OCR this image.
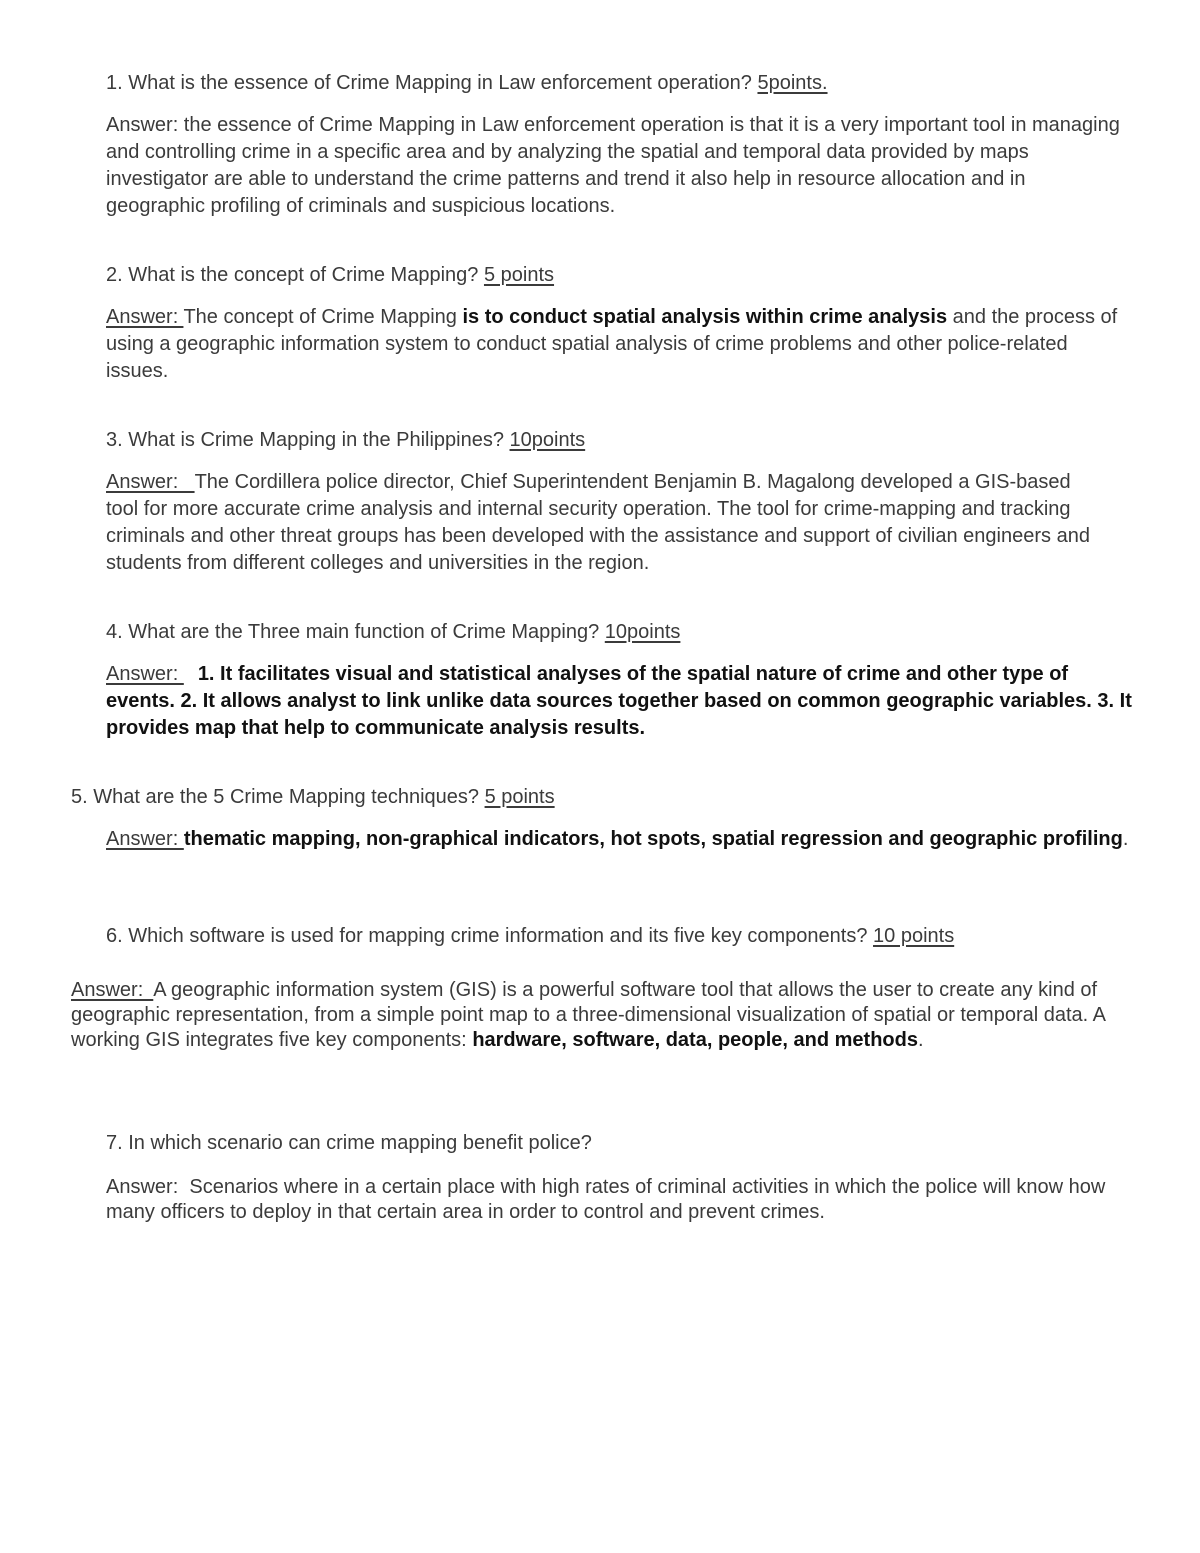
1. What is the essence of Crime Mapping in Law enforcement operation? 5points.
Answer: the essence of Crime Mapping in Law enforcement operation is that it is a very important tool in managing and controlling crime in a specific area and by analyzing the spatial and temporal data provided by maps investigator are able to understand the crime patterns and trend it also help in resource allocation and in geographic profiling of criminals and suspicious locations.
2. What is the concept of Crime Mapping? 5 points
Answer: The concept of Crime Mapping is to conduct spatial analysis within crime analysis and the process of using a geographic information system to conduct spatial analysis of crime problems and other police-related issues.
3. What is Crime Mapping in the Philippines? 10points
Answer:   The Cordillera police director, Chief Superintendent Benjamin B. Magalong developed a GIS-based tool for more accurate crime analysis and internal security operation. The tool for crime-mapping and tracking criminals and other threat groups has been developed with the assistance and support of civilian engineers and students from different colleges and universities in the region.
4. What are the Three main function of Crime Mapping? 10points
Answer: 1. It facilitates visual and statistical analyses of the spatial nature of crime and other type of events. 2. It allows analyst to link unlike data sources together based on common geographic variables. 3. It provides map that help to communicate analysis results.
5. What are the 5 Crime Mapping techniques? 5 points
Answer: thematic mapping, non-graphical indicators, hot spots, spatial regression and geographic profiling.
6. Which software is used for mapping crime information and its five key components? 10 points
Answer:  A geographic information system (GIS) is a powerful software tool that allows the user to create any kind of geographic representation, from a simple point map to a three-dimensional visualization of spatial or temporal data. A working GIS integrates five key components: hardware, software, data, people, and methods.
7. In which scenario can crime mapping benefit police?
Answer:  Scenarios where in a certain place with high rates of criminal activities in which the police will know how many officers to deploy in that certain area in order to control and prevent crimes.
